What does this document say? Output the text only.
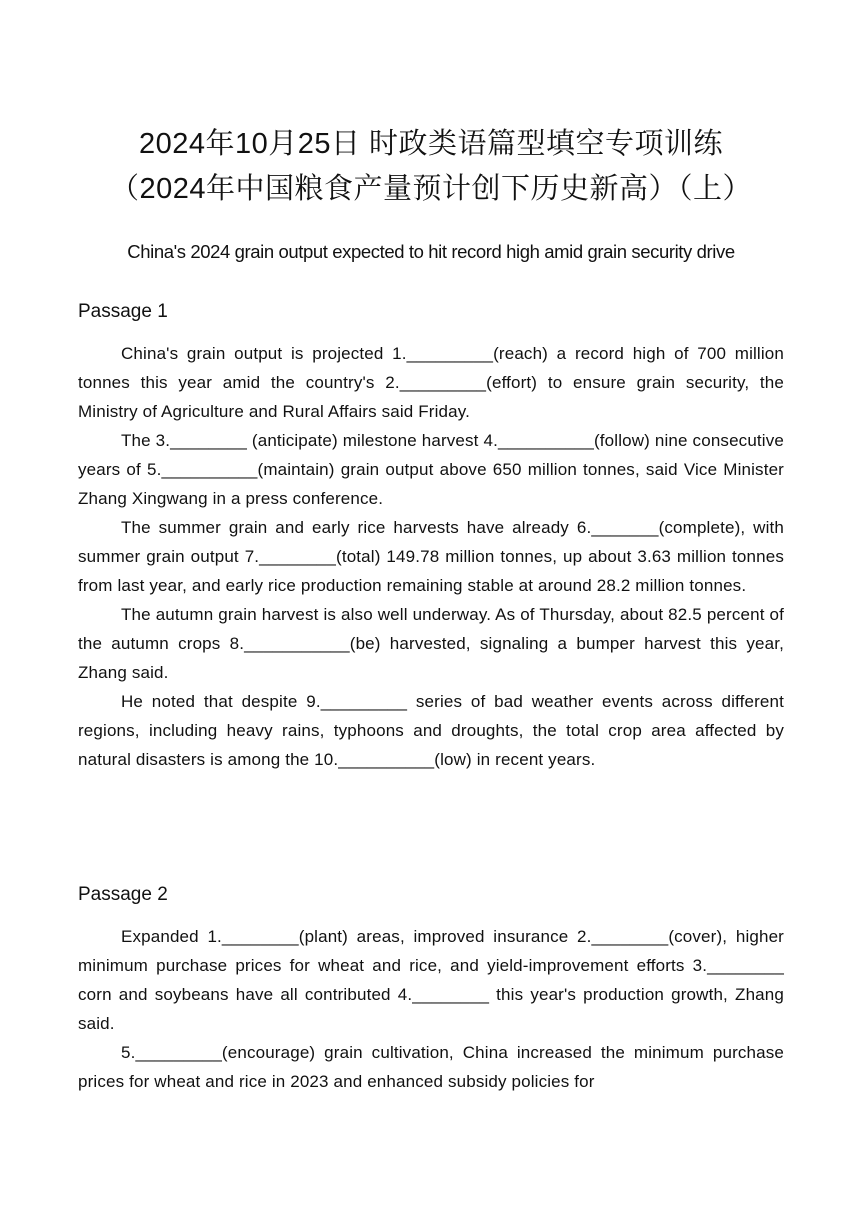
2024年10月25日 时政类语篇型填空专项训练
（2024年中国粮食产量预计创下历史新高）（上）
China's 2024 grain output expected to hit record high amid grain security drive
Passage 1

China's grain output is projected 1._________(reach) a record high of 700 million tonnes this year amid the country's 2._________(effort) to ensure grain security, the Ministry of Agriculture and Rural Affairs said Friday.

The 3.________ (anticipate) milestone harvest 4.__________(follow) nine consecutive years of 5.__________(maintain) grain output above 650 million tonnes, said Vice Minister Zhang Xingwang in a press conference.

The summer grain and early rice harvests have already 6._______(complete), with summer grain output 7.________(total) 149.78 million tonnes, up about 3.63 million tonnes from last year, and early rice production remaining stable at around 28.2 million tonnes.

The autumn grain harvest is also well underway. As of Thursday, about 82.5 percent of the autumn crops 8.___________(be) harvested, signaling a bumper harvest this year, Zhang said.

He noted that despite 9._________ series of bad weather events across different regions, including heavy rains, typhoons and droughts, the total crop area affected by natural disasters is among the 10.__________(low) in recent years.

Passage 2

Expanded 1.________(plant) areas, improved insurance 2.________(cover), higher minimum purchase prices for wheat and rice, and yield-improvement efforts 3.________ corn and soybeans have all contributed 4.________ this year's production growth, Zhang said.

5._________(encourage) grain cultivation, China increased the minimum purchase prices for wheat and rice in 2023 and enhanced subsidy policies for
